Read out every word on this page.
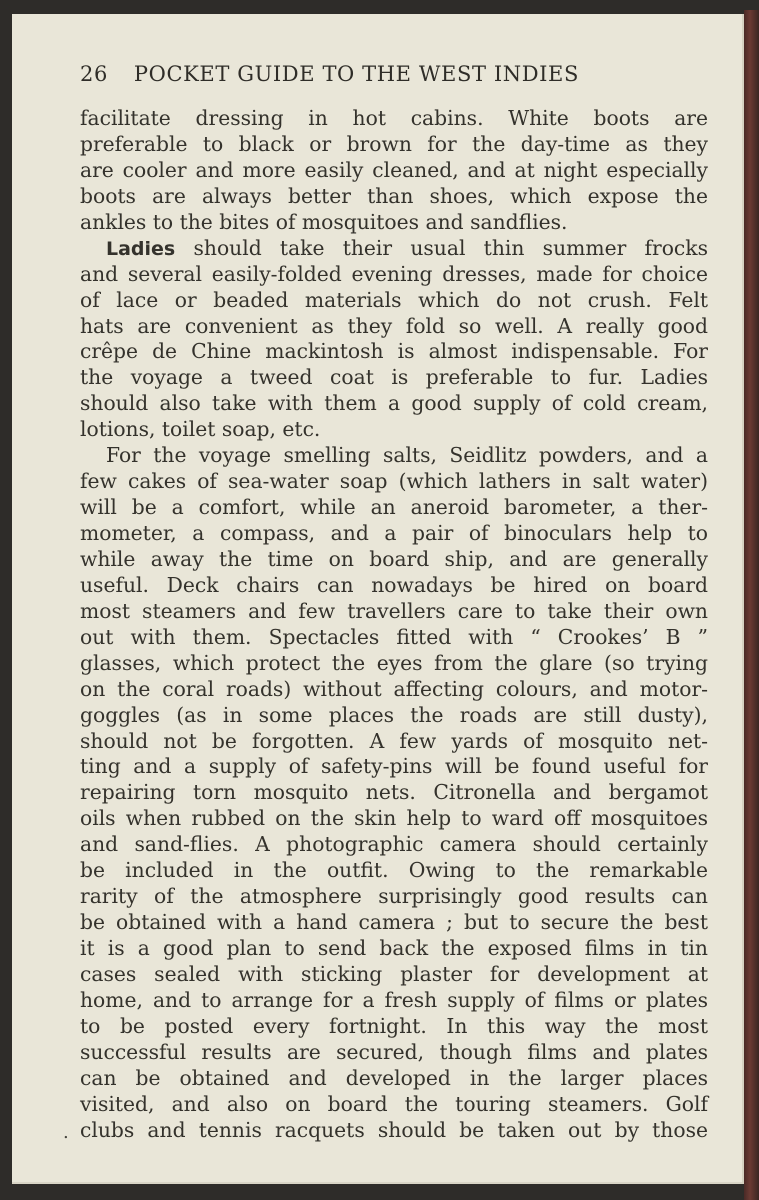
26 POCKET GUIDE TO THE WEST INDIES
facilitate dressing in hot cabins. White boots are
preferable to black or brown for the day-time as they
are cooler and more easily cleaned, and at night especially
boots are always better than shoes, which expose the
ankles to the bites of mosquitoes and sandflies.
Ladies should take their usual thin summer frocks
and several easily-folded evening dresses, made for choice
of lace or beaded materials which do not crush. Felt
hats are convenient as they fold so well. A really good
crêpe de Chine mackintosh is almost indispensable. For
the voyage a tweed coat is preferable to fur. Ladies
should also take with them a good supply of cold cream,
lotions, toilet soap, etc.
For the voyage smelling salts, Seidlitz powders, and a
few cakes of sea-water soap (which lathers in salt water)
will be a comfort, while an aneroid barometer, a ther-
mometer, a compass, and a pair of binoculars help to
while away the time on board ship, and are generally
useful. Deck chairs can nowadays be hired on board
most steamers and few travellers care to take their own
out with them. Spectacles fitted with “ Crookes’ B ”
glasses, which protect the eyes from the glare (so trying
on the coral roads) without affecting colours, and motor-
goggles (as in some places the roads are still dusty),
should not be forgotten. A few yards of mosquito net-
ting and a supply of safety-pins will be found useful for
repairing torn mosquito nets. Citronella and bergamot
oils when rubbed on the skin help to ward off mosquitoes
and sand-flies. A photographic camera should certainly
be included in the outfit. Owing to the remarkable
rarity of the atmosphere surprisingly good results can
be obtained with a hand camera ; but to secure the best
it is a good plan to send back the exposed films in tin
cases sealed with sticking plaster for development at
home, and to arrange for a fresh supply of films or plates
to be posted every fortnight. In this way the most
successful results are secured, though films and plates
can be obtained and developed in the larger places
visited, and also on board the touring steamers. Golf
clubs and tennis racquets should be taken out by those
.
